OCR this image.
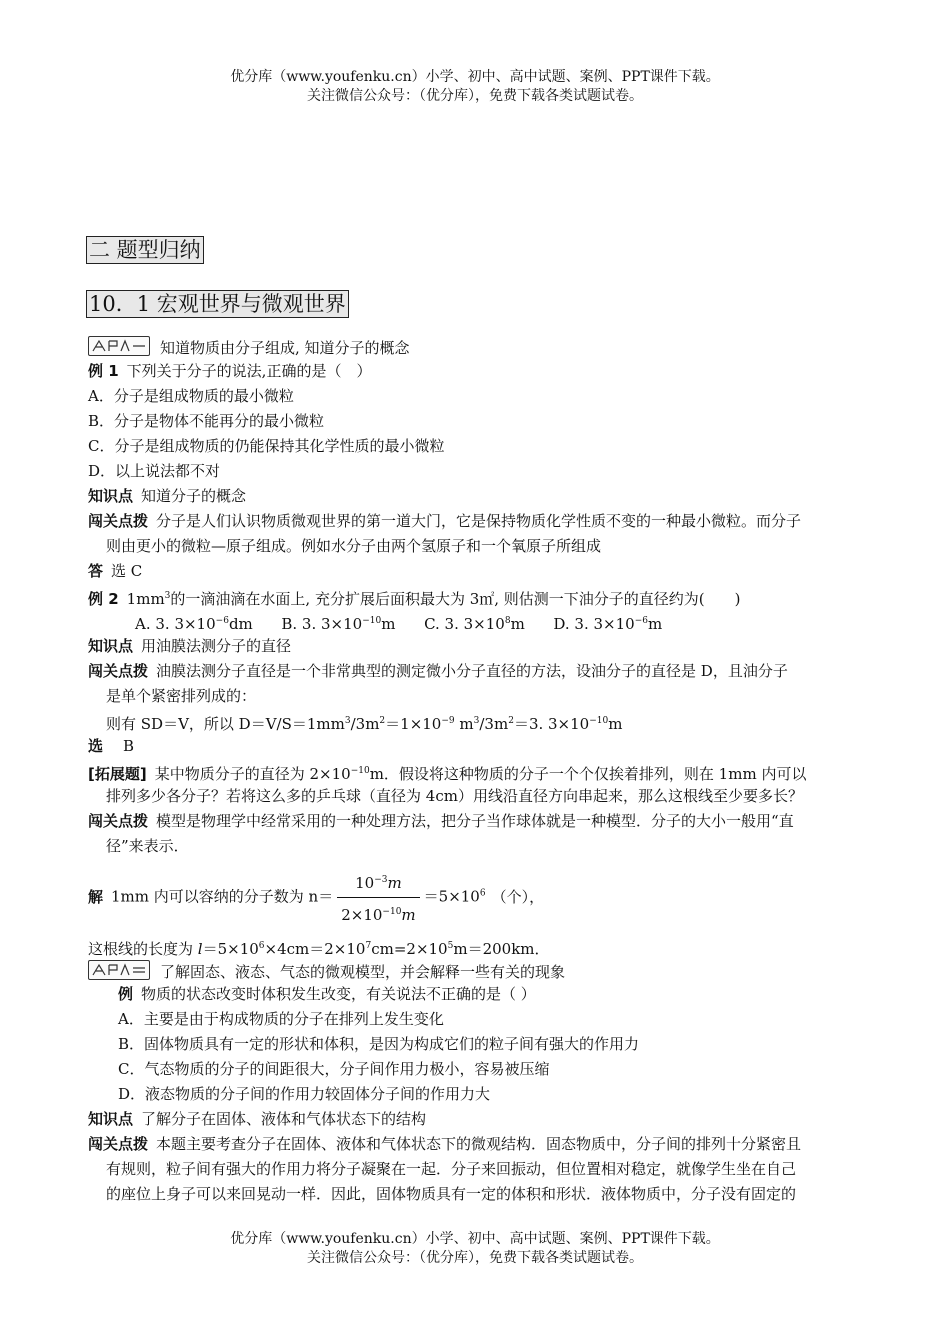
优分库（www.youfenku.cn）小学、初中、高中试题、案例、PPT课件下载。
关注微信公众号：（优分库），免费下载各类试题试卷。
二 题型归纳
10．1 宏观世界与微观世界
知道物质由分子组成, 知道分子的概念
例 1 下列关于分子的说法,正确的是（　）
A．分子是组成物质的最小微粒
B．分子是物体不能再分的最小微粒
C．分子是组成物质的仍能保持其化学性质的最小微粒
D．以上说法都不对
知识点 知道分子的概念
闯关点拨 分子是人们认识物质微观世界的第一道大门，它是保持物质化学性质不变的一种最小微粒。而分子
则由更小的微粒—原子组成。例如水分子由两个氢原子和一个氧原子所组成
答 选 C
例 2 $1mm^3$的一滴油滴在水面上, 充分扩展后面积最大为 3㎡, 则估测一下油分子的直径约为(　　)
A. 3. $3\times 10^{-6}dm$ B. 3. $3\times 10^{-10}m$ C. 3. $3\times 10^8m$ D. 3. $3\times 10^{-6}m$
知识点 用油膜法测分子的直径
闯关点拨 油膜法测分子直径是一个非常典型的测定微小分子直径的方法，设油分子的直径是 D，且油分子
是单个紧密排列成的：
则有 SD＝V，所以 $D=V/S=1mm^3/3m^2=1\times 10^{-9}$ $m^3/3m^2=3$. $3\times 10^{-10}m$
选 B
[拓展题] 某中物质分子的直径为 $2\times 10^{-10}m$．假设将这种物质的分子一个个仅挨着排列，则在 1mm 内可以
排列多少各分子？若将这么多的乒乓球（直径为 4cm）用线沿直径方向串起来，那么这根线至少要多长？
闯关点拨 模型是物理学中经常采用的一种处理方法，把分子当作球体就是一种模型．分子的大小一般用“直
径”来表示．
解 1mm 内可以容纳的分子数为 $n= \frac{10^{-3}m}{2\times 10^{-10}m} =5\times 10^6$ （个），
这根线的长度为 $l=5\times 10^6\times 4cm=2\times 10^7cm=2\times 10^5m=200km$．
了解固态、液态、气态的微观模型，并会解释一些有关的现象
例 物质的状态改变时体积发生改变，有关说法不正确的是（ ）
A．主要是由于构成物质的分子在排列上发生变化
B．固体物质具有一定的形状和体积，是因为构成它们的粒子间有强大的作用力
C．气态物质的分子的间距很大，分子间作用力极小，容易被压缩
D．液态物质的分子间的作用力较固体分子间的作用力大
知识点 了解分子在固体、液体和气体状态下的结构
闯关点拨 本题主要考查分子在固体、液体和气体状态下的微观结构．固态物质中，分子间的排列十分紧密且
有规则，粒子间有强大的作用力将分子凝聚在一起．分子来回振动，但位置相对稳定，就像学生坐在自己
的座位上身子可以来回晃动一样．因此，固体物质具有一定的体积和形状．液体物质中，分子没有固定的
优分库（www.youfenku.cn）小学、初中、高中试题、案例、PPT课件下载。
关注微信公众号：（优分库），免费下载各类试题试卷。
